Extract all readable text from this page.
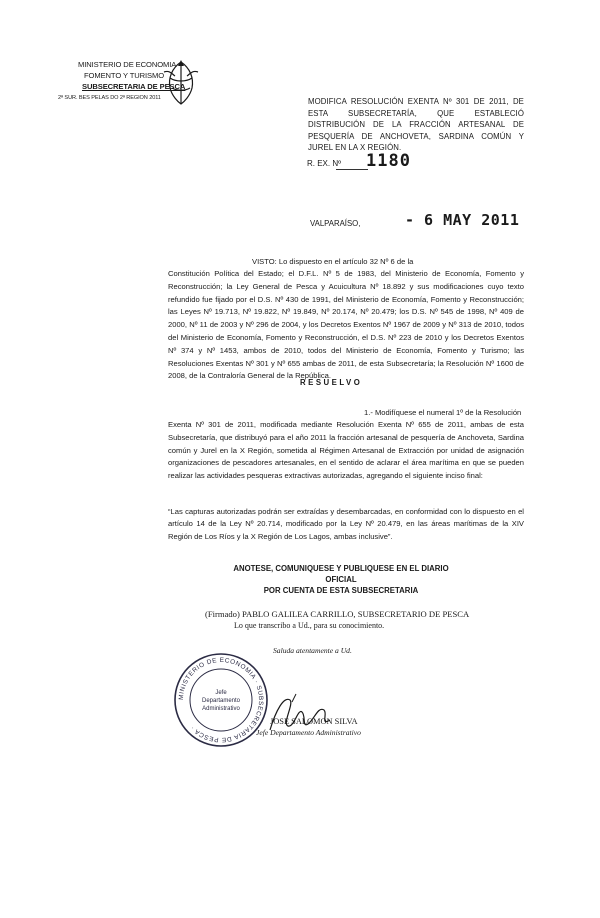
MINISTERIO DE ECONOMIA
FOMENTO Y TURISMO
SUBSECRETARIA DE PESCA
2ª SUR. BES PELAS DO 2ª REGION 2011	MODIFICA RESOLUCIÓN EXENTA Nº 301 DE 2011, DE ESTA SUBSECRETARÍA, QUE ESTABLECIÓ DISTRIBUCIÓN DE LA FRACCIÓN ARTESANAL DE PESQUERÍA DE ANCHOVETA, SARDINA COMÚN Y JUREL EN LA X REGIÓN.
R. EX. Nº 1180
VALPARAÍSO,	- 6 MAY 2011
VISTO: Lo dispuesto en el artículo 32 Nº 6 de la
Constitución Política del Estado; el D.F.L. Nº 5 de 1983, del Ministerio de Economía, Fomento y Reconstrucción; la Ley General de Pesca y Acuicultura Nº 18.892 y sus modificaciones cuyo texto refundido fue fijado por el D.S. Nº 430 de 1991, del Ministerio de Economía, Fomento y Reconstrucción; las Leyes Nº 19.713, Nº 19.822, Nº 19.849, Nº 20.174, Nº 20.479; los D.S. Nº 545 de 1998, Nº 409 de 2000, Nº 11 de 2003 y Nº 296 de 2004, y los Decretos Exentos Nº 1967 de 2009 y Nº 313 de 2010, todos del Ministerio de Economía, Fomento y Reconstrucción, el D.S. Nº 223 de 2010 y los Decretos Exentos Nº 374 y Nº 1453, ambos de 2010, todos del Ministerio de Economía, Fomento y Turismo; las Resoluciones Exentas Nº 301 y Nº 655 ambas de 2011, de esta Subsecretaría; la Resolución Nº 1600 de 2008, de la Contraloría General de la República.
RESUELVO
1.- Modifíquese el numeral 1º de la Resolución
Exenta Nº 301 de 2011, modificada mediante Resolución Exenta Nº 655 de 2011, ambas de esta Subsecretaría, que distribuyó para el año 2011 la fracción artesanal de pesquería de Anchoveta, Sardina común y Jurel en la X Región, sometida al Régimen Artesanal de Extracción por unidad de asignación organizaciones de pescadores artesanales, en el sentido de aclarar el área marítima en que se pueden realizar las actividades pesqueras extractivas autorizadas, agregando el siguiente inciso final:
“Las capturas autorizadas podrán ser extraídas y desembarcadas, en conformidad con lo dispuesto en el artículo 14 de la Ley Nº 20.714, modificado por la Ley Nº 20.479, en las áreas marítimas de la XIV Región de Los Ríos y la X Región de Los Lagos, ambas inclusive”.
ANOTESE, COMUNIQUESE Y PUBLIQUESE EN EL DIARIO OFICIAL
POR CUENTA DE ESTA SUBSECRETARIA
(Firmado) PABLO GALILEA CARRILLO, SUBSECRETARIO DE PESCA
Lo que transcribo a Ud., para su conocimiento.
Saluda atentamente a Ud.
MINISTERIO DE ECONOMIA · SUBSECRETARIA DE PESCA ·
Jefe
Departamento
Administrativo
JOSE SALOMON SILVA
Jefe Departamento Administrativo
